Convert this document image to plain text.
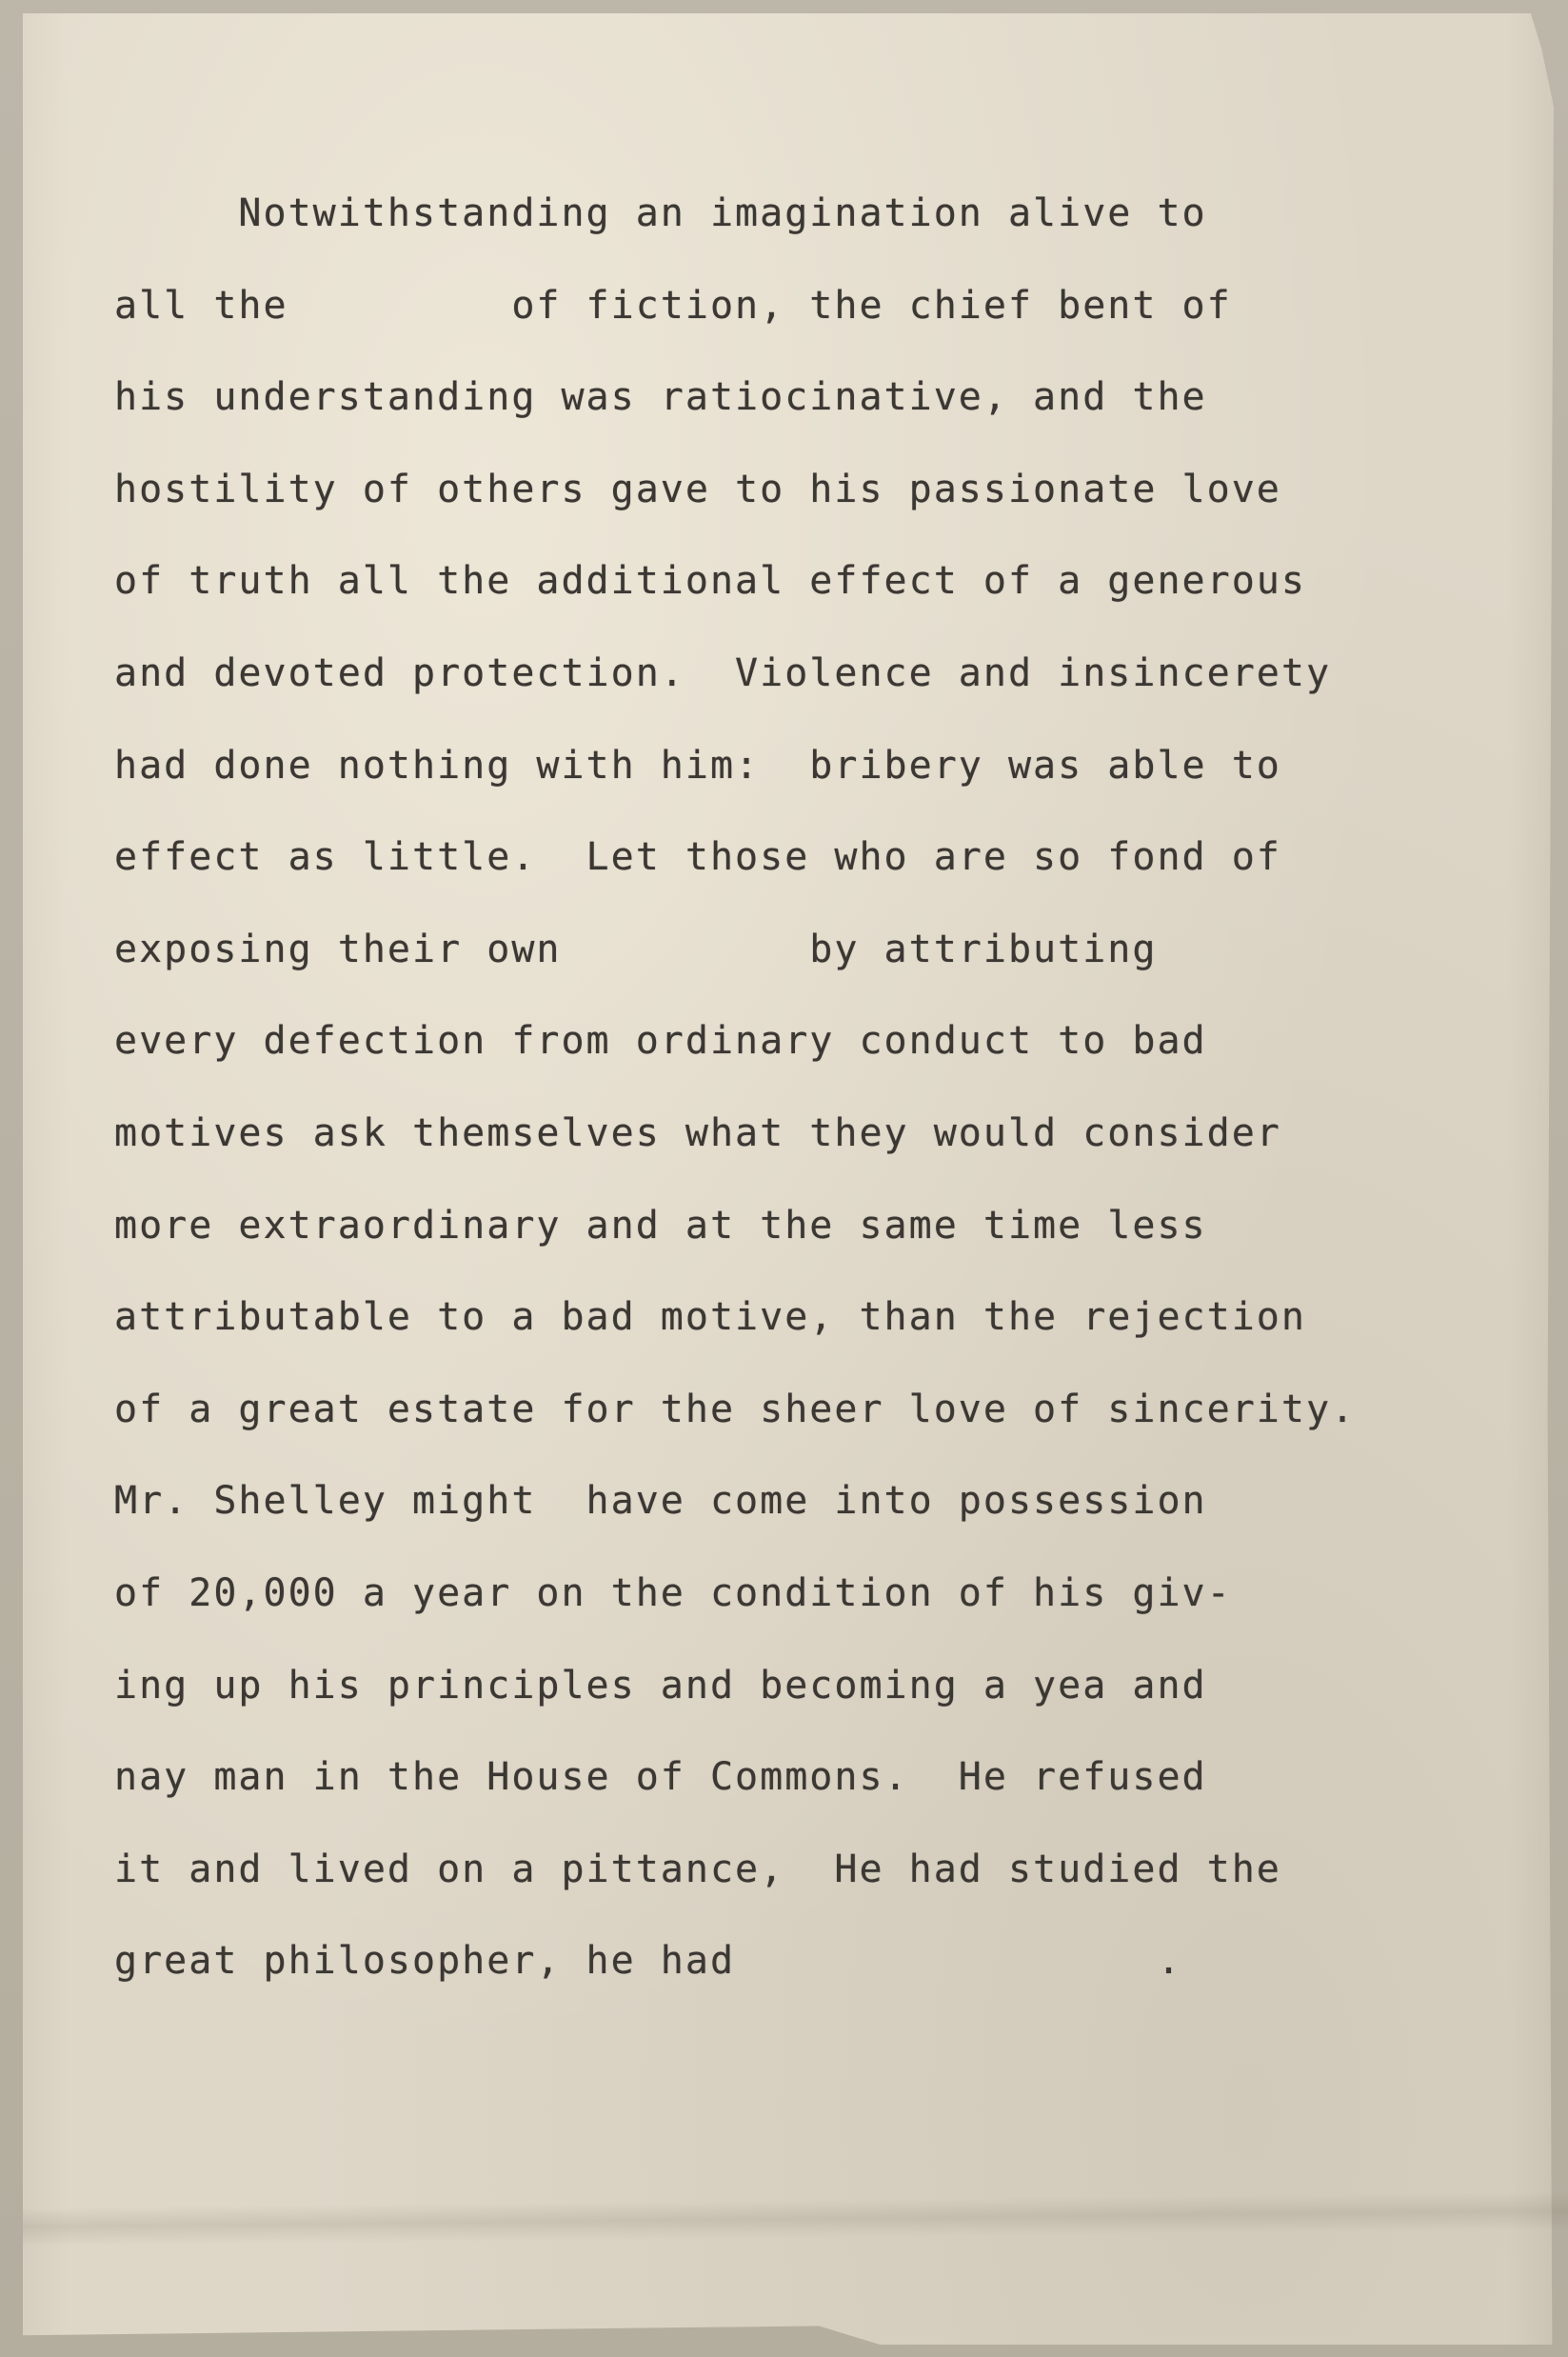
Notwithstanding an imagination alive to
all the         of fiction, the chief bent of
his understanding was ratiocinative, and the
hostility of others gave to his passionate love
of truth all the additional effect of a generous
and devoted protection.  Violence and insincerety
had done nothing with him:  bribery was able to
effect as little.  Let those who are so fond of
exposing their own          by attributing
every defection from ordinary conduct to bad
motives ask themselves what they would consider
more extraordinary and at the same time less
attributable to a bad motive, than the rejection
of a great estate for the sheer love of sincerity.
Mr. Shelley might  have come into possession
of 20,000 a year on the condition of his giv-
ing up his principles and becoming a yea and
nay man in the House of Commons.  He refused
it and lived on a pittance,  He had studied the
great philosopher, he had                 .
